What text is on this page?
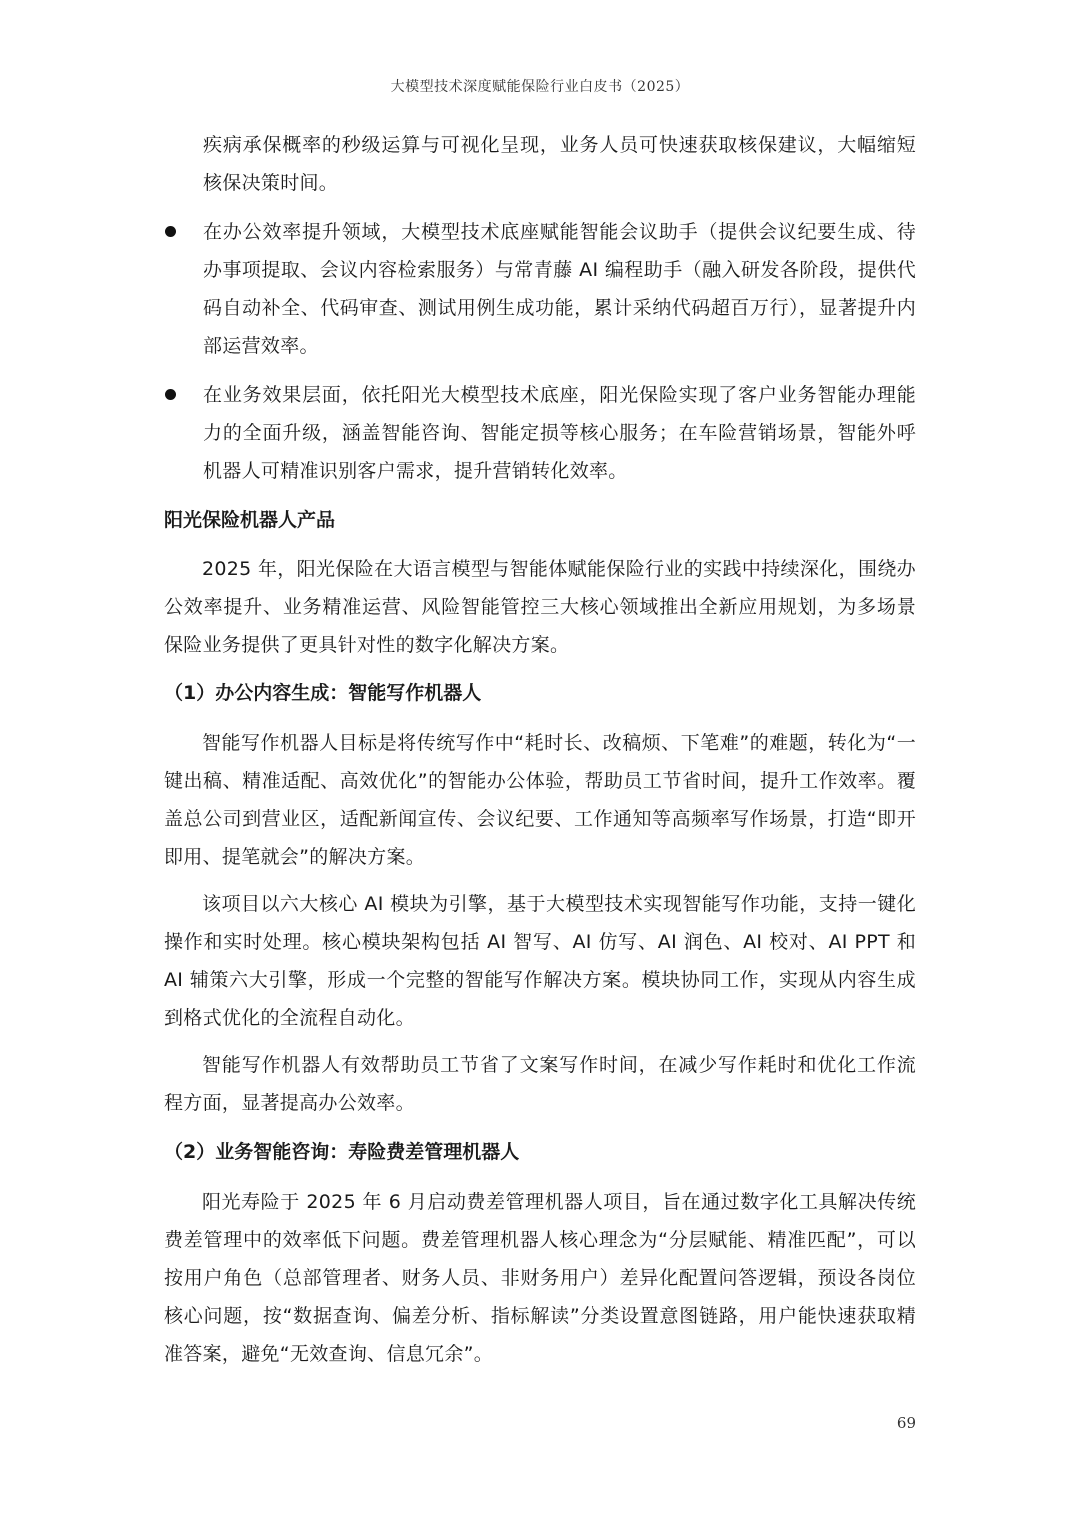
大模型技术深度赋能保险行业白皮书（2025）
疾病承保概率的秒级运算与可视化呈现，业务人员可快速获取核保建议，大幅缩短核保决策时间。
在办公效率提升领域，大模型技术底座赋能智能会议助手（提供会议纪要生成、待办事项提取、会议内容检索服务）与常青藤 AI 编程助手（融入研发各阶段，提供代码自动补全、代码审查、测试用例生成功能，累计采纳代码超百万行），显著提升内部运营效率。
在业务效果层面，依托阳光大模型技术底座，阳光保险实现了客户业务智能办理能力的全面升级，涵盖智能咨询、智能定损等核心服务；在车险营销场景，智能外呼机器人可精准识别客户需求，提升营销转化效率。
阳光保险机器人产品
2025 年，阳光保险在大语言模型与智能体赋能保险行业的实践中持续深化，围绕办公效率提升、业务精准运营、风险智能管控三大核心领域推出全新应用规划，为多场景保险业务提供了更具针对性的数字化解决方案。
（1）办公内容生成：智能写作机器人
智能写作机器人目标是将传统写作中“耗时长、改稿烦、下笔难”的难题，转化为“一键出稿、精准适配、高效优化”的智能办公体验，帮助员工节省时间，提升工作效率。覆盖总公司到营业区，适配新闻宣传、会议纪要、工作通知等高频率写作场景，打造“即开即用、提笔就会”的解决方案。
该项目以六大核心 AI 模块为引擎，基于大模型技术实现智能写作功能，支持一键化操作和实时处理。核心模块架构包括 AI 智写、AI 仿写、AI 润色、AI 校对、AI PPT 和 AI 辅策六大引擎，形成一个完整的智能写作解决方案。模块协同工作，实现从内容生成到格式优化的全流程自动化。
智能写作机器人有效帮助员工节省了文案写作时间，在减少写作耗时和优化工作流程方面，显著提高办公效率。
（2）业务智能咨询：寿险费差管理机器人
阳光寿险于 2025 年 6 月启动费差管理机器人项目，旨在通过数字化工具解决传统费差管理中的效率低下问题。费差管理机器人核心理念为“分层赋能、精准匹配”，可以按用户角色（总部管理者、财务人员、非财务用户）差异化配置问答逻辑，预设各岗位核心问题，按“数据查询、偏差分析、指标解读”分类设置意图链路，用户能快速获取精准答案，避免“无效查询、信息冗余”。
69
